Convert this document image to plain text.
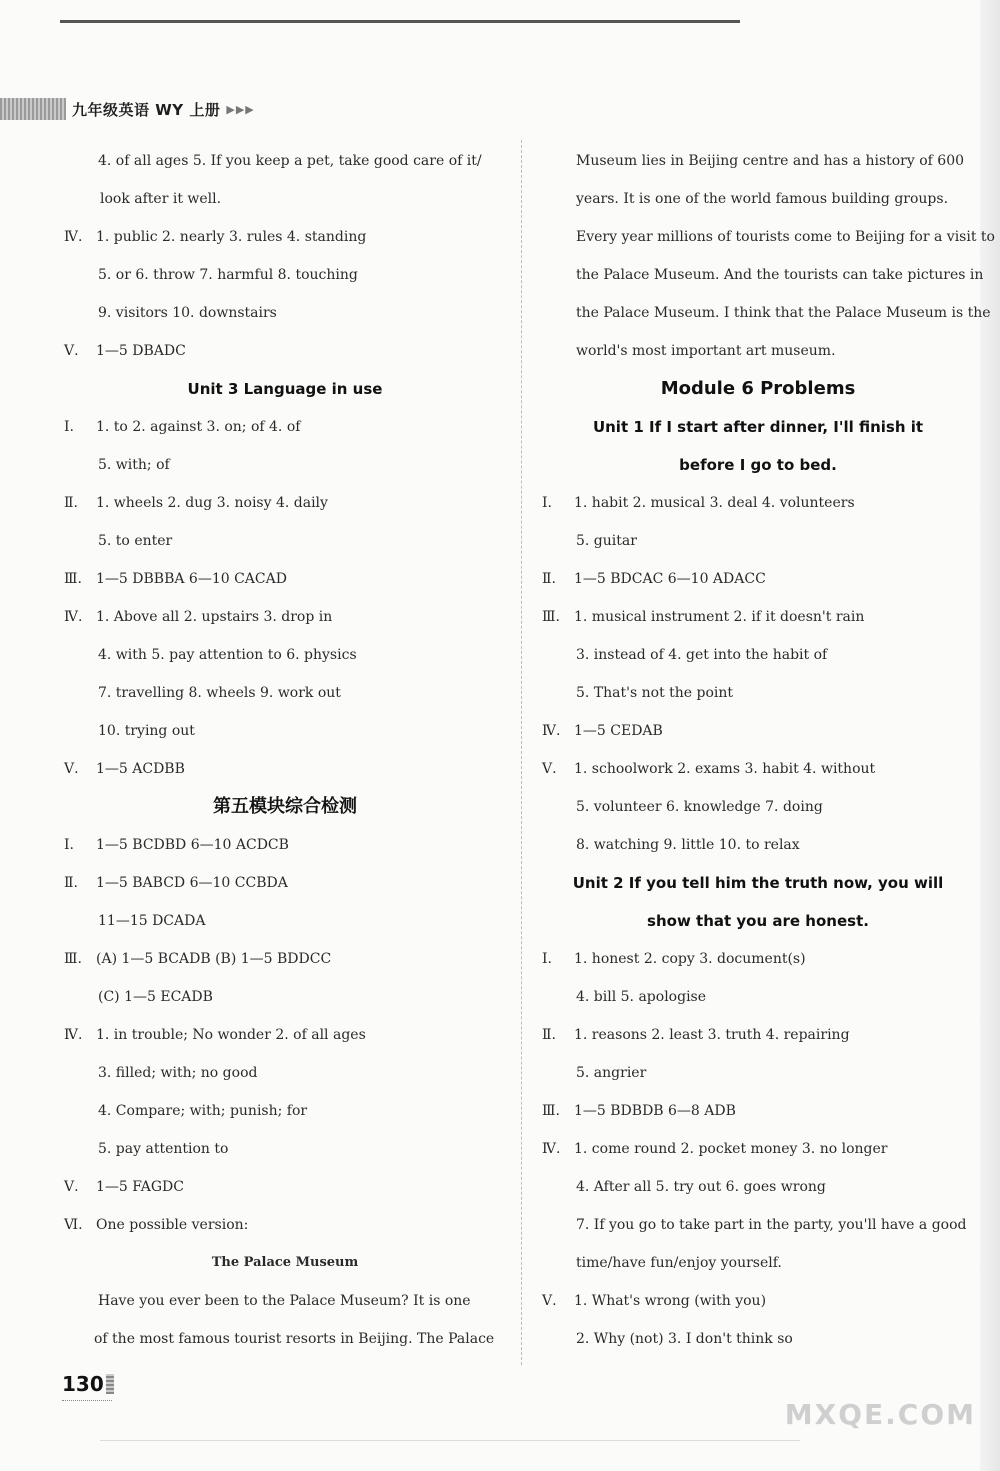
九年级英语 WY 上册 ▶▶▶
4. of all ages 5. If you keep a pet, take good care of it/
look after it well.
Ⅳ. 1. public 2. nearly 3. rules 4. standing
5. or 6. throw 7. harmful 8. touching
9. visitors 10. downstairs
Ⅴ. 1—5 DBADC
Unit 3 Language in use
Ⅰ. 1. to 2. against 3. on; of 4. of
5. with; of
Ⅱ. 1. wheels 2. dug 3. noisy 4. daily
5. to enter
Ⅲ. 1—5 DBBBA 6—10 CACAD
Ⅳ. 1. Above all 2. upstairs 3. drop in
4. with 5. pay attention to 6. physics
7. travelling 8. wheels 9. work out
10. trying out
Ⅴ. 1—5 ACDBB
第五模块综合检测
Ⅰ. 1—5 BCDBD 6—10 ACDCB
Ⅱ. 1—5 BABCD 6—10 CCBDA
11—15 DCADA
Ⅲ. (A) 1—5 BCADB (B) 1—5 BDDCC
(C) 1—5 ECADB
Ⅳ. 1. in trouble; No wonder 2. of all ages
3. filled; with; no good
4. Compare; with; punish; for
5. pay attention to
Ⅴ. 1—5 FAGDC
Ⅵ. One possible version:
The Palace Museum
Have you ever been to the Palace Museum? It is one
of the most famous tourist resorts in Beijing. The Palace
Museum lies in Beijing centre and has a history of 600
years. It is one of the world famous building groups.
Every year millions of tourists come to Beijing for a visit to
the Palace Museum. And the tourists can take pictures in
the Palace Museum. I think that the Palace Museum is the
world's most important art museum.
Module 6 Problems
Unit 1 If I start after dinner, I'll finish it
before I go to bed.
Ⅰ. 1. habit 2. musical 3. deal 4. volunteers
5. guitar
Ⅱ. 1—5 BDCAC 6—10 ADACC
Ⅲ. 1. musical instrument 2. if it doesn't rain
3. instead of 4. get into the habit of
5. That's not the point
Ⅳ. 1—5 CEDAB
Ⅴ. 1. schoolwork 2. exams 3. habit 4. without
5. volunteer 6. knowledge 7. doing
8. watching 9. little 10. to relax
Unit 2 If you tell him the truth now, you will
show that you are honest.
Ⅰ. 1. honest 2. copy 3. document(s)
4. bill 5. apologise
Ⅱ. 1. reasons 2. least 3. truth 4. repairing
5. angrier
Ⅲ. 1—5 BDBDB 6—8 ADB
Ⅳ. 1. come round 2. pocket money 3. no longer
4. After all 5. try out 6. goes wrong
7. If you go to take part in the party, you'll have a good
time/have fun/enjoy yourself.
Ⅴ. 1. What's wrong (with you)
2. Why (not) 3. I don't think so
130
MXQE.COM
